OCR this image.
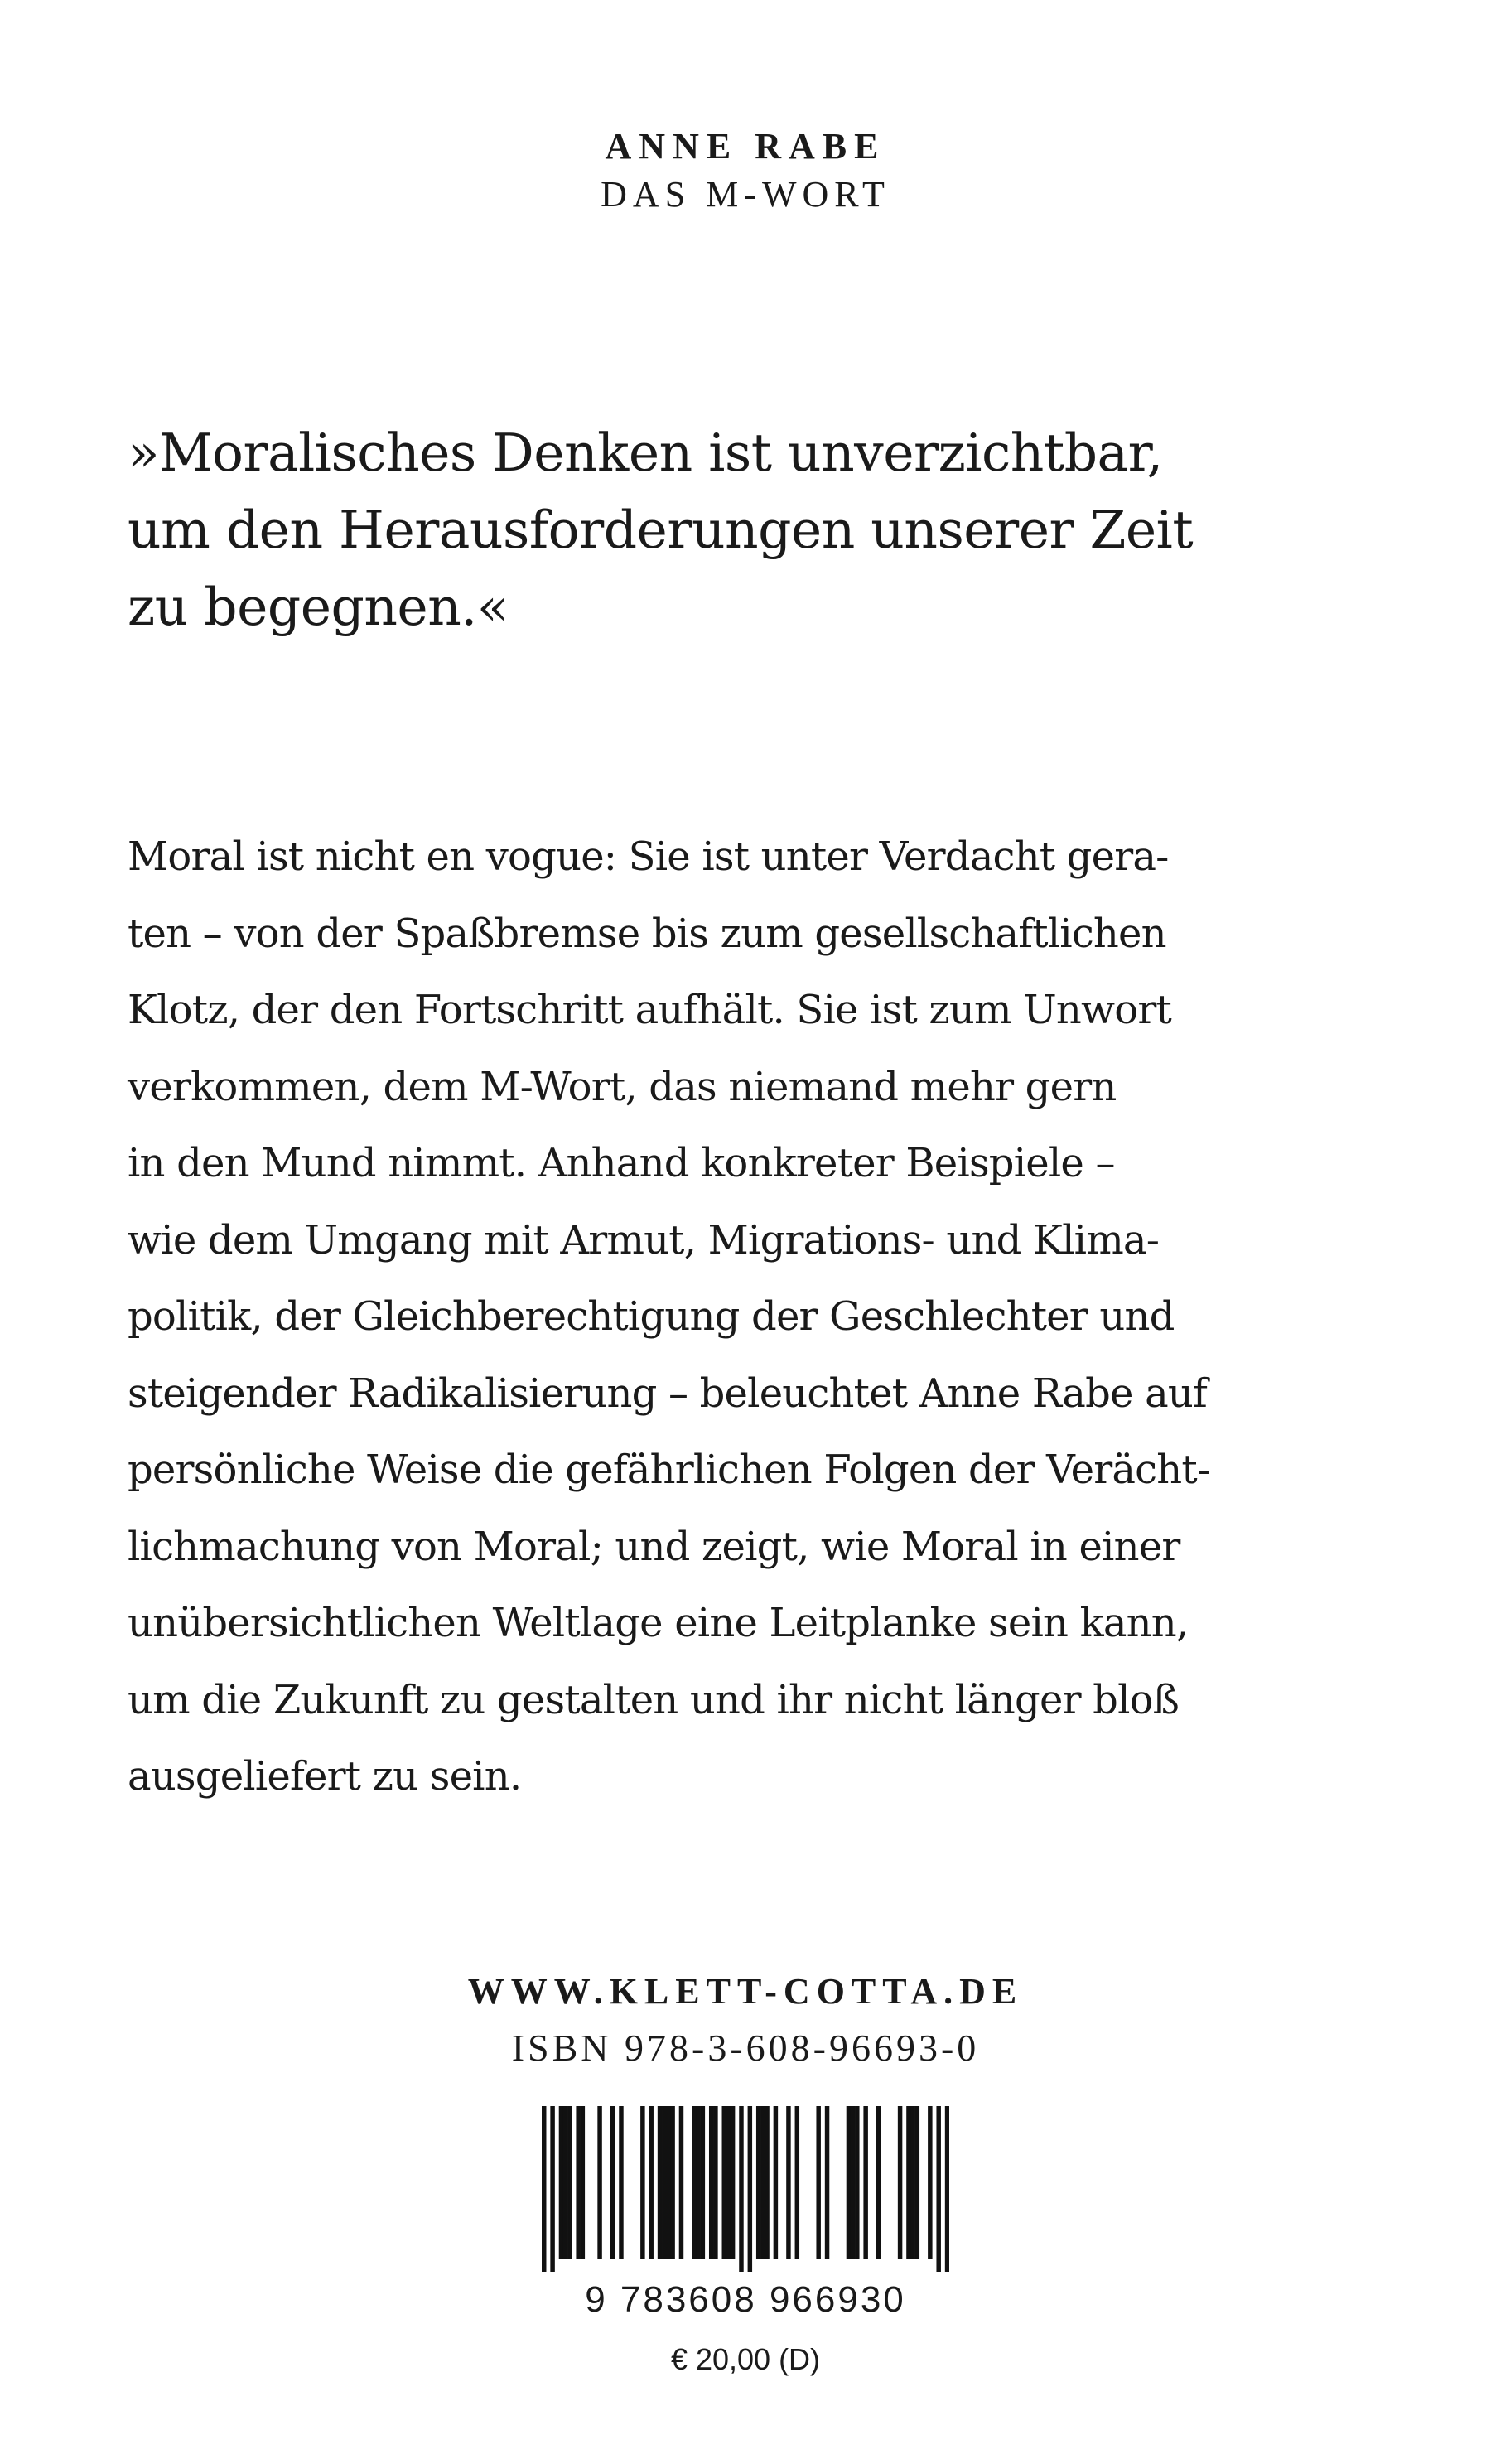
ANNE RABE
DAS M-WORT
»Moralisches Denken ist unverzichtbar,
um den Herausforderungen unserer Zeit
zu begegnen.«
Moral ist nicht en vogue: Sie ist unter Verdacht gera-
ten – von der Spaßbremse bis zum gesellschaftlichen
Klotz, der den Fortschritt aufhält. Sie ist zum Unwort
verkommen, dem M-Wort, das niemand mehr gern
in den Mund nimmt. Anhand konkreter Beispiele –
wie dem Umgang mit Armut, Migrations- und Klima-
politik, der Gleichberechtigung der Geschlechter und
steigender Radikalisierung – beleuchtet Anne Rabe auf
persönliche Weise die gefährlichen Folgen der Verächt-
lichmachung von Moral; und zeigt, wie Moral in einer
unübersichtlichen Weltlage eine Leitplanke sein kann,
um die Zukunft zu gestalten und ihr nicht länger bloß
ausgeliefert zu sein.
WWW.KLETT-COTTA.DE
ISBN 978-3-608-96693-0
9 783608 966930
€ 20,00 (D)
